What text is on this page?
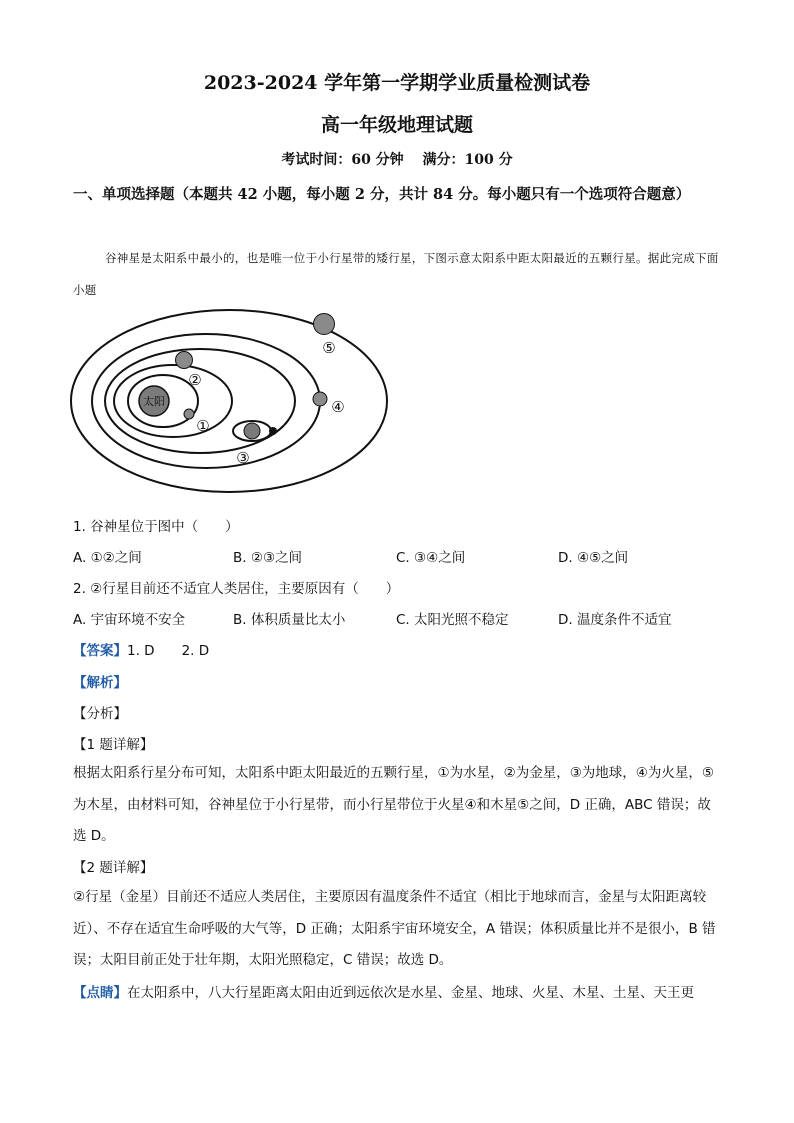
2023-2024 学年第一学期学业质量检测试卷
高一年级地理试题
考试时间：60 分钟　 满分：100 分
一、单项选择题（本题共 42 小题，每小题 2 分，共计 84 分。每小题只有一个选项符合题意）
谷神星是太阳系中最小的，也是唯一位于小行星带的矮行星，下图示意太阳系中距太阳最近的五颗行星。据此完成下面小题
太阳
①
②
③
④
⑤
1. 谷神星位于图中（　　）
A. ①②之间	B. ②③之间	C. ③④之间	D. ④⑤之间
2. ②行星目前还不适宜人类居住，主要原因有（　　）
A. 宇宙环境不安全	B. 体积质量比太小	C. 太阳光照不稳定	D. 温度条件不适宜
【答案】1. D　　2. D
【解析】
【分析】
【1 题详解】
根据太阳系行星分布可知，太阳系中距太阳最近的五颗行星，①为水星，②为金星，③为地球，④为火星，⑤为木星，由材料可知，谷神星位于小行星带，而小行星带位于火星④和木星⑤之间，D 正确，ABC 错误；故选 D。
【2 题详解】
②行星（金星）目前还不适应人类居住，主要原因有温度条件不适宜（相比于地球而言，金星与太阳距离较近）、不存在适宜生命呼吸的大气等，D 正确；太阳系宇宙环境安全，A 错误；体积质量比并不是很小，B 错误；太阳目前正处于壮年期，太阳光照稳定，C 错误；故选 D。
【点睛】在太阳系中，八大行星距离太阳由近到远依次是水星、金星、地球、火星、木星、土星、天王更
